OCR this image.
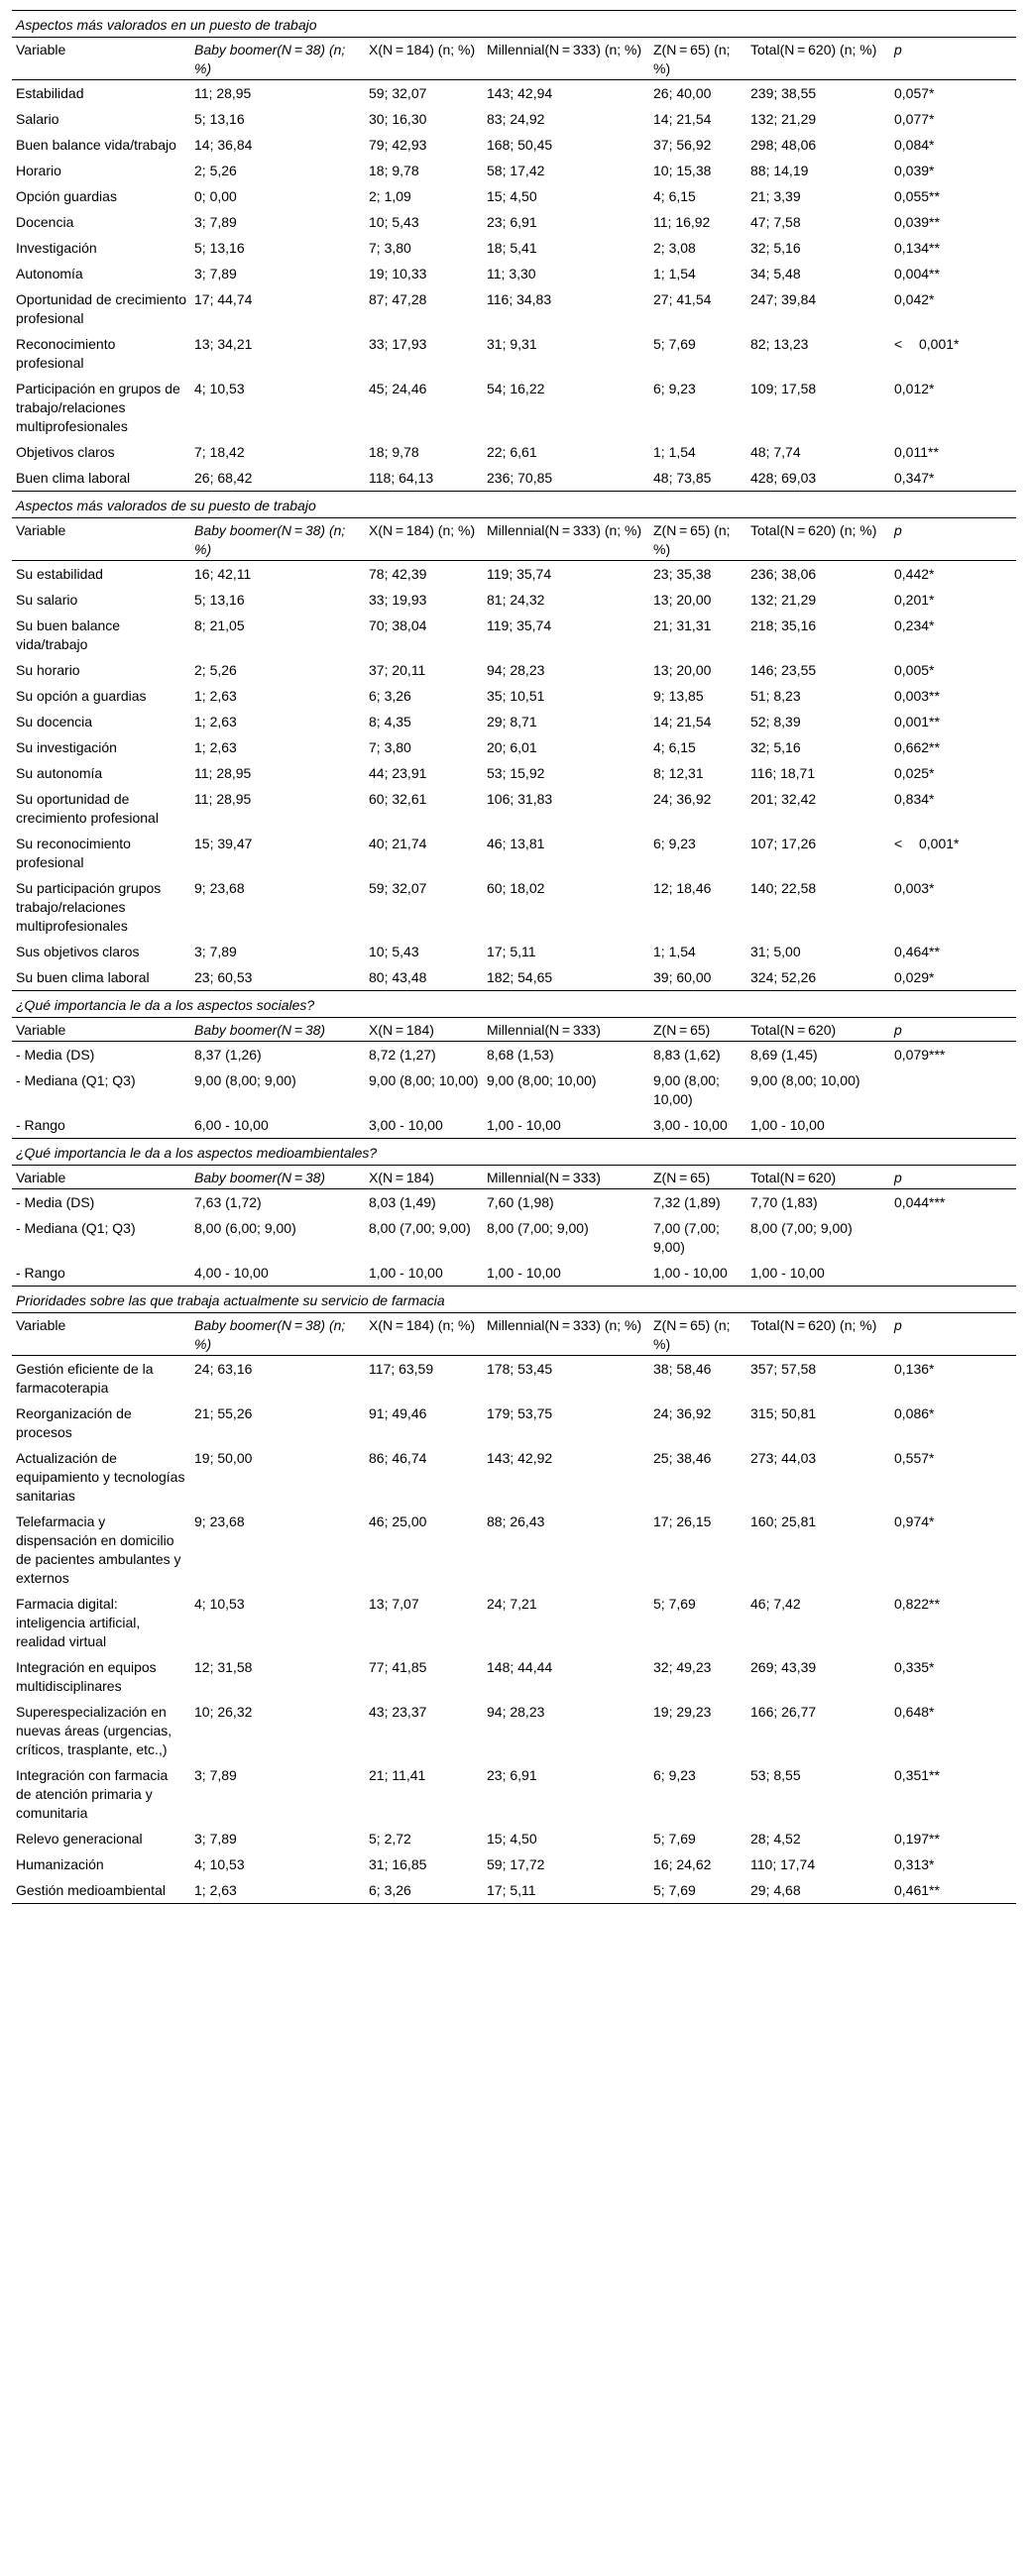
Aspectos más valorados en un puesto de trabajo						
Variable	Baby boomer(N = 38) (n; %)	X(N = 184) (n; %)	Millennial(N = 333) (n; %)	Z(N = 65) (n; %)	Total(N = 620) (n; %)	p
Estabilidad	11; 28,95	59; 32,07	143; 42,94	26; 40,00	239; 38,55	0,057*
Salario	5; 13,16	30; 16,30	83; 24,92	14; 21,54	132; 21,29	0,077*
Buen balance vida/trabajo	14; 36,84	79; 42,93	168; 50,45	37; 56,92	298; 48,06	0,084*
Horario	2; 5,26	18; 9,78	58; 17,42	10; 15,38	88; 14,19	0,039*
Opción guardias	0; 0,00	2; 1,09	15; 4,50	4; 6,15	21; 3,39	0,055**
Docencia	3; 7,89	10; 5,43	23; 6,91	11; 16,92	47; 7,58	0,039**
Investigación	5; 13,16	7; 3,80	18; 5,41	2; 3,08	32; 5,16	0,134**
Autonomía	3; 7,89	19; 10,33	11; 3,30	1; 1,54	34; 5,48	0,004**
Oportunidad de crecimiento profesional	17; 44,74	87; 47,28	116; 34,83	27; 41,54	247; 39,84	0,042*
Reconocimiento profesional	13; 34,21	33; 17,93	31; 9,31	5; 7,69	82; 13,23	<  0,001*
Participación en grupos de trabajo/relaciones multiprofesionales	4; 10,53	45; 24,46	54; 16,22	6; 9,23	109; 17,58	0,012*
Objetivos claros	7; 18,42	18; 9,78	22; 6,61	1; 1,54	48; 7,74	0,011**
Buen clima laboral	26; 68,42	118; 64,13	236; 70,85	48; 73,85	428; 69,03	0,347*
Aspectos más valorados de su puesto de trabajo						
Variable	Baby boomer(N = 38) (n; %)	X(N = 184) (n; %)	Millennial(N = 333) (n; %)	Z(N = 65) (n; %)	Total(N = 620) (n; %)	p
Su estabilidad	16; 42,11	78; 42,39	119; 35,74	23; 35,38	236; 38,06	0,442*
Su salario	5; 13,16	33; 19,93	81; 24,32	13; 20,00	132; 21,29	0,201*
Su buen balance vida/trabajo	8; 21,05	70; 38,04	119; 35,74	21; 31,31	218; 35,16	0,234*
Su horario	2; 5,26	37; 20,11	94; 28,23	13; 20,00	146; 23,55	0,005*
Su opción a guardias	1; 2,63	6; 3,26	35; 10,51	9; 13,85	51; 8,23	0,003**
Su docencia	1; 2,63	8; 4,35	29; 8,71	14; 21,54	52; 8,39	0,001**
Su investigación	1; 2,63	7; 3,80	20; 6,01	4; 6,15	32; 5,16	0,662**
Su autonomía	11; 28,95	44; 23,91	53; 15,92	8; 12,31	116; 18,71	0,025*
Su oportunidad de crecimiento profesional	11; 28,95	60; 32,61	106; 31,83	24; 36,92	201; 32,42	0,834*
Su reconocimiento profesional	15; 39,47	40; 21,74	46; 13,81	6; 9,23	107; 17,26	<  0,001*
Su participación grupos trabajo/relaciones multiprofesionales	9; 23,68	59; 32,07	60; 18,02	12; 18,46	140; 22,58	0,003*
Sus objetivos claros	3; 7,89	10; 5,43	17; 5,11	1; 1,54	31; 5,00	0,464**
Su buen clima laboral	23; 60,53	80; 43,48	182; 54,65	39; 60,00	324; 52,26	0,029*
¿Qué importancia le da a los aspectos sociales?						
Variable	Baby boomer(N = 38)	X(N = 184)	Millennial(N = 333)	Z(N = 65)	Total(N = 620)	p
- Media (DS)	8,37 (1,26)	8,72 (1,27)	8,68 (1,53)	8,83 (1,62)	8,69 (1,45)	0,079***
- Mediana (Q1; Q3)	9,00 (8,00; 9,00)	9,00 (8,00; 10,00)	9,00 (8,00; 10,00)	9,00 (8,00; 10,00)	9,00 (8,00; 10,00)	
- Rango	6,00 - 10,00	3,00 - 10,00	1,00 - 10,00	3,00 - 10,00	1,00 - 10,00	
¿Qué importancia le da a los aspectos medioambientales?						
Variable	Baby boomer(N = 38)	X(N = 184)	Millennial(N = 333)	Z(N = 65)	Total(N = 620)	p
- Media (DS)	7,63 (1,72)	8,03 (1,49)	7,60 (1,98)	7,32 (1,89)	7,70 (1,83)	0,044***
- Mediana (Q1; Q3)	8,00 (6,00; 9,00)	8,00 (7,00; 9,00)	8,00 (7,00; 9,00)	7,00 (7,00; 9,00)	8,00 (7,00; 9,00)	
- Rango	4,00 - 10,00	1,00 - 10,00	1,00 - 10,00	1,00 - 10,00	1,00 - 10,00	
Prioridades sobre las que trabaja actualmente su servicio de farmacia						
Variable	Baby boomer(N = 38) (n; %)	X(N = 184) (n; %)	Millennial(N = 333) (n; %)	Z(N = 65) (n; %)	Total(N = 620) (n; %)	p
Gestión eficiente de la farmacoterapia	24; 63,16	117; 63,59	178; 53,45	38; 58,46	357; 57,58	0,136*
Reorganización de procesos	21; 55,26	91; 49,46	179; 53,75	24; 36,92	315; 50,81	0,086*
Actualización de equipamiento y tecnologías sanitarias	19; 50,00	86; 46,74	143; 42,92	25; 38,46	273; 44,03	0,557*
Telefarmacia y dispensación en domicilio de pacientes ambulantes y externos	9; 23,68	46; 25,00	88; 26,43	17; 26,15	160; 25,81	0,974*
Farmacia digital: inteligencia artificial, realidad virtual	4; 10,53	13; 7,07	24; 7,21	5; 7,69	46; 7,42	0,822**
Integración en equipos multidisciplinares	12; 31,58	77; 41,85	148; 44,44	32; 49,23	269; 43,39	0,335*
Superespecialización en nuevas áreas (urgencias, críticos, trasplante, etc.,)	10; 26,32	43; 23,37	94; 28,23	19; 29,23	166; 26,77	0,648*
Integración con farmacia de atención primaria y comunitaria	3; 7,89	21; 11,41	23; 6,91	6; 9,23	53; 8,55	0,351**
Relevo generacional	3; 7,89	5; 2,72	15; 4,50	5; 7,69	28; 4,52	0,197**
Humanización	4; 10,53	31; 16,85	59; 17,72	16; 24,62	110; 17,74	0,313*
Gestión medioambiental	1; 2,63	6; 3,26	17; 5,11	5; 7,69	29; 4,68	0,461**
